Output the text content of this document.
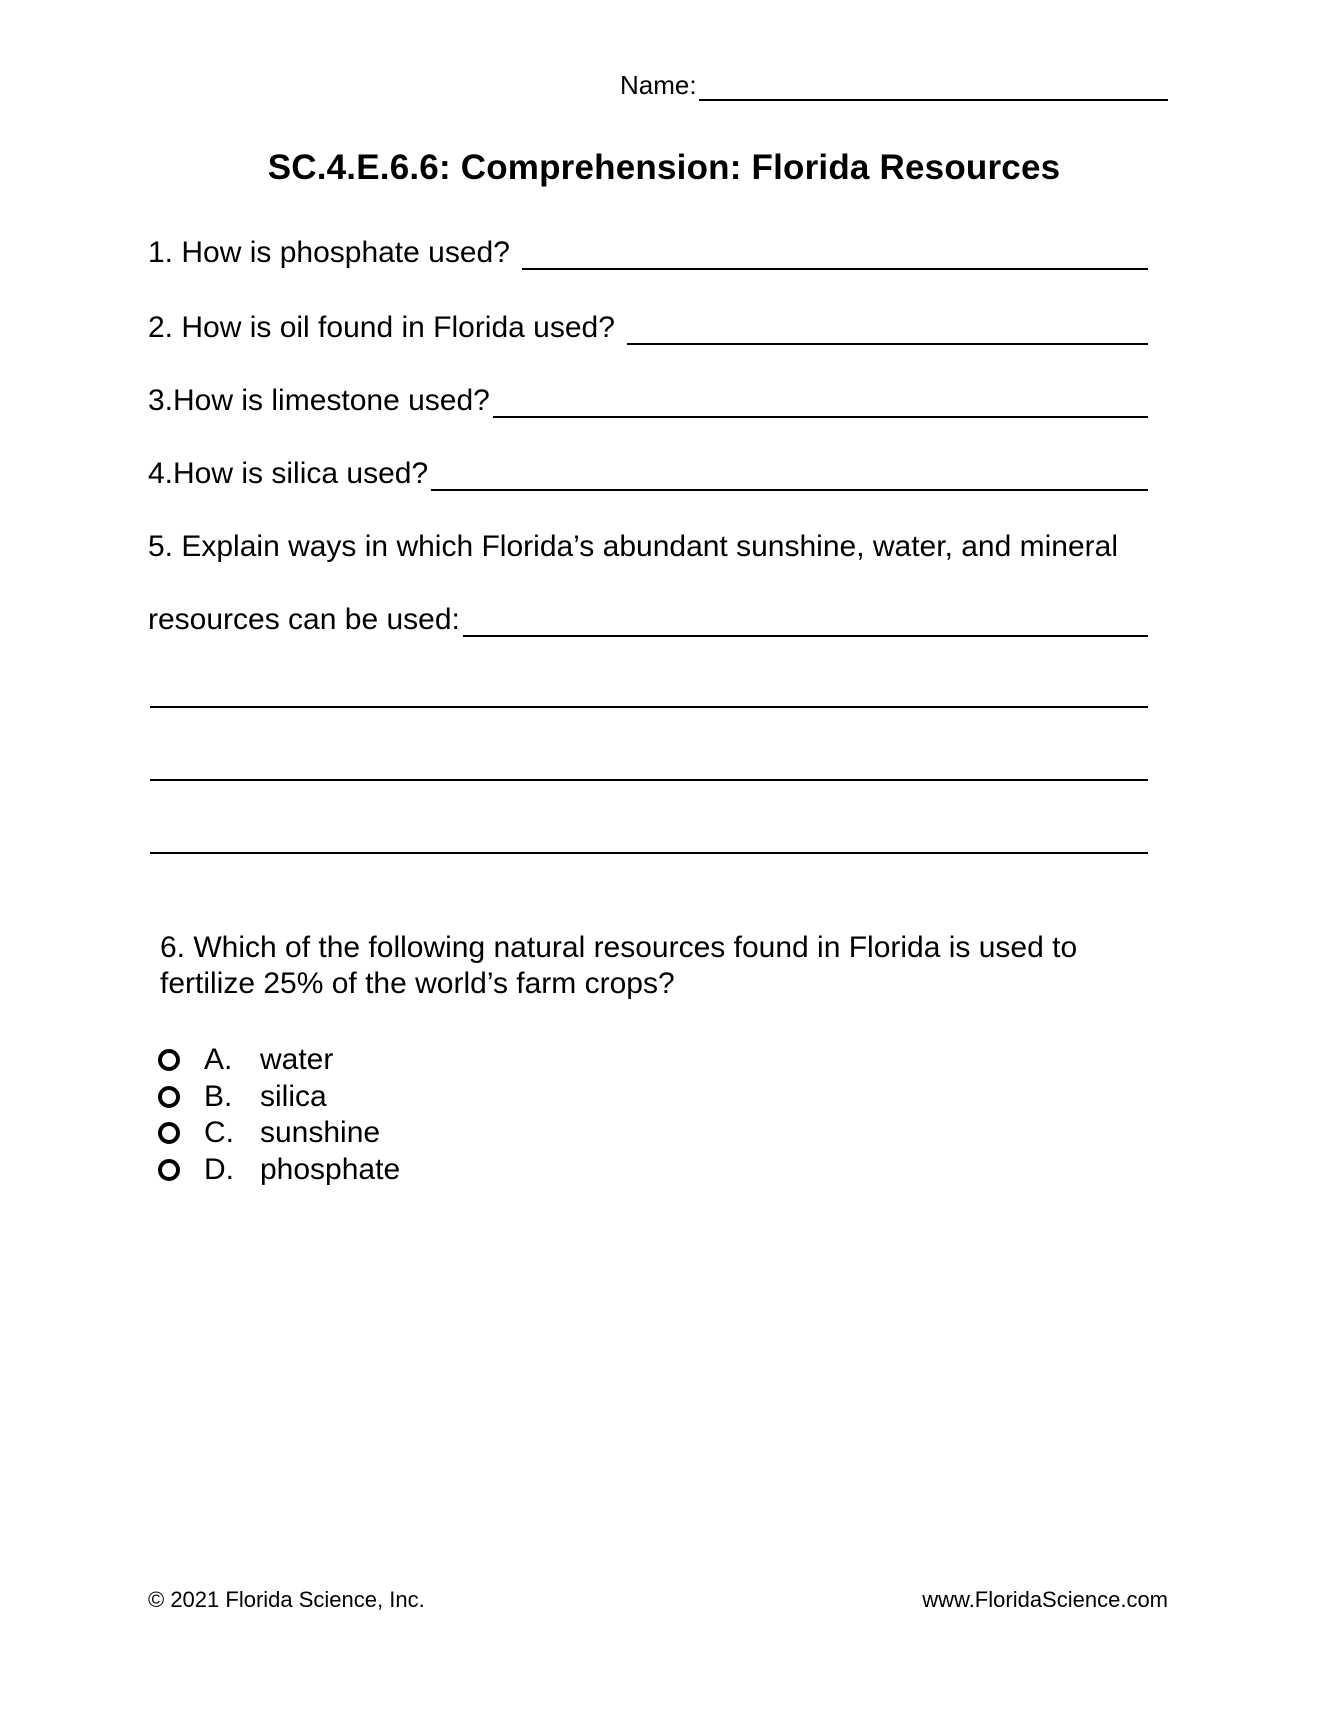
Name:
SC.4.E.6.6: Comprehension: Florida Resources
1. How is phosphate used?
2. How is oil found in Florida used?
3.How is limestone used?
4.How is silica used?
5. Explain ways in which Florida’s abundant sunshine, water, and mineral
resources can be used:
6. Which of the following natural resources found in Florida is used to fertilize 25% of the world’s farm crops?
A. water
B. silica
C. sunshine
D. phosphate
© 2021 Florida Science, Inc.	www.FloridaScience.com
